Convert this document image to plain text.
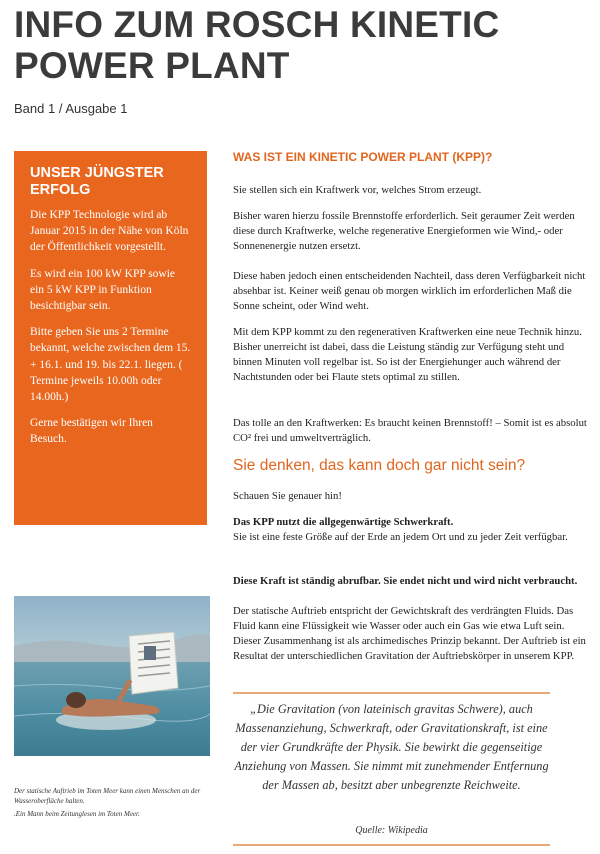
INFO ZUM ROSCH KINETIC POWER PLANT
Band 1 / Ausgabe 1
UNSER JÜNGSTER ERFOLG

Die KPP Technologie wird ab Januar 2015 in der Nähe von Köln der Öffentlichkeit vorgestellt.

Es wird ein 100 kW KPP sowie ein 5 kW KPP in Funktion besichtigbar sein.

Bitte geben Sie uns 2 Termine bekannt, welche zwischen dem 15. + 16.1. und 19. bis 22.1. liegen. ( Termine jeweils 10.00h oder 14.00h.)

Gerne bestätigen wir Ihren Besuch.

Der statische Auftrieb im Toten Meer kann einen Menschen an der Wasseroberfläche halten.
.Ein Mann beim Zeitunglesen im Toten Meer.
WAS IST EIN KINETIC POWER PLANT (KPP)?

Sie stellen sich ein Kraftwerk vor, welches Strom erzeugt.

Bisher waren hierzu fossile Brennstoffe erforderlich. Seit geraumer Zeit werden diese durch Kraftwerke, welche regenerative Energieformen wie Wind,- oder Sonnenenergie nutzen ersetzt.

Diese haben jedoch einen entscheidenden Nachteil, dass deren Verfügbarkeit nicht absehbar ist. Keiner weiß genau ob morgen wirklich im erforderlichen Maß die Sonne scheint, oder Wind weht.

Mit dem KPP kommt zu den regenerativen Kraftwerken eine neue Technik hinzu. Bisher unerreicht ist dabei, dass die Leistung ständig zur Verfügung steht und binnen Minuten voll regelbar ist. So ist der Energiehunger auch während der Nachtstunden oder bei Flaute stets optimal zu stillen.

Das tolle an den Kraftwerken: Es braucht keinen Brennstoff! – Somit ist es absolut CO² frei und umweltverträglich.

Sie denken, das kann doch gar nicht sein?

Schauen Sie genauer hin!

Das KPP nutzt die allgegenwärtige Schwerkraft.

Sie ist eine feste Größe auf der Erde an jedem Ort und zu jeder Zeit verfügbar.

Diese Kraft ist ständig abrufbar. Sie endet nicht und wird nicht verbraucht.

Der statische Auftrieb entspricht der Gewichtskraft des verdrängten Fluids. Das Fluid kann eine Flüssigkeit wie Wasser oder auch ein Gas wie etwa Luft sein. Dieser Zusammenhang ist als archimedisches Prinzip bekannt. Der Auftrieb ist ein Resultat der unterschiedlichen Gravitation der Auftriebskörper in unserem KPP.

„Die Gravitation (von lateinisch gravitas Schwere), auch Massenanziehung, Schwerkraft, oder Gravitationskraft, ist eine der vier Grundkräfte der Physik. Sie bewirkt die gegenseitige Anziehung von Massen. Sie nimmt mit zunehmender Entfernung der Massen ab, besitzt aber unbegrenzte Reichweite.
Quelle: Wikipedia
